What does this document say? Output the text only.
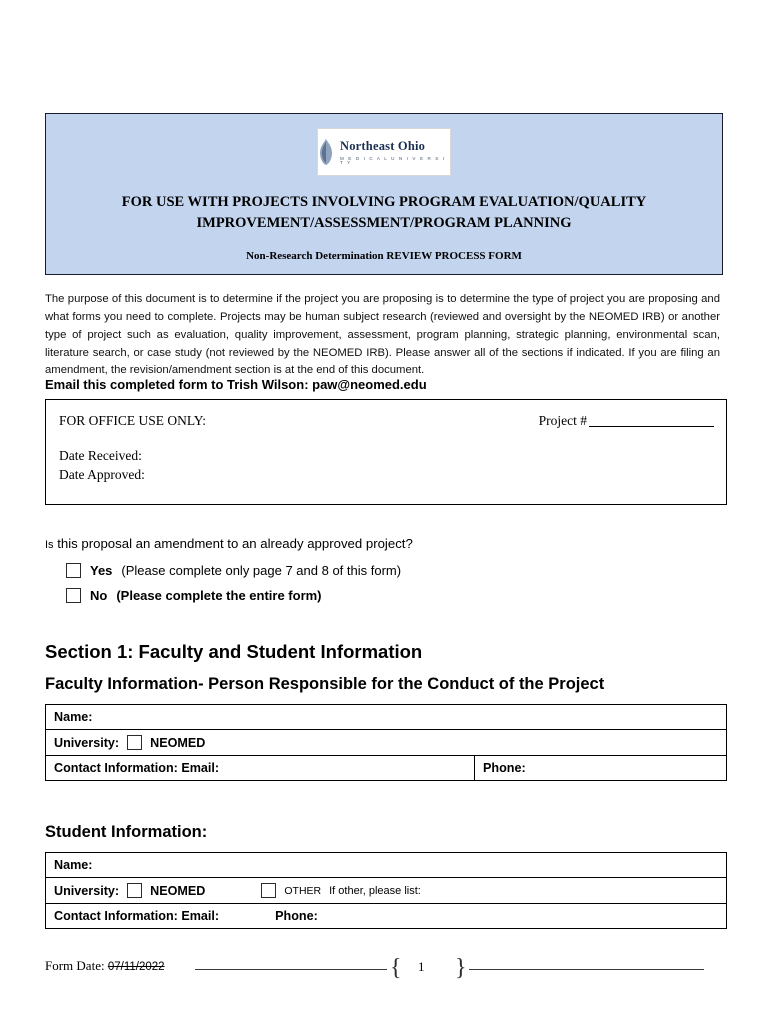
Northeast Ohio
M E D I C A L U N I V E R S I T Y
FOR USE WITH PROJECTS INVOLVING PROGRAM EVALUATION/QUALITY
IMPROVEMENT/ASSESSMENT/PROGRAM PLANNING
Non-Research Determination REVIEW PROCESS FORM
The purpose of this document is to determine if the project you are proposing is to determine the type of project you are proposing and what forms you need to complete. Projects may be human subject research (reviewed and oversight by the NEOMED IRB) or another type of project such as evaluation, quality improvement, assessment, program planning, strategic planning, environmental scan, literature search, or case study (not reviewed by the NEOMED IRB). Please answer all of the sections if indicated. If you are filing an amendment, the revision/amendment section is at the end of this document.
Email this completed form to Trish Wilson: paw@neomed.edu
FOR OFFICE USE ONLY:	Project #
Date Received:
Date Approved:
Is this proposal an amendment to an already approved project?
Yes (Please complete only page 7 and 8 of this form)
No (Please complete the entire form)
Section 1: Faculty and Student Information
Faculty Information- Person Responsible for the Conduct of the Project
Name:

University: NEOMED

Contact Information: Email:	Phone:
Student Information:
Name:

University: NEOMED	OTHER If other, please list:

Contact Information: Email:	Phone:
Form Date: 07/11/2022	{ 1 }
